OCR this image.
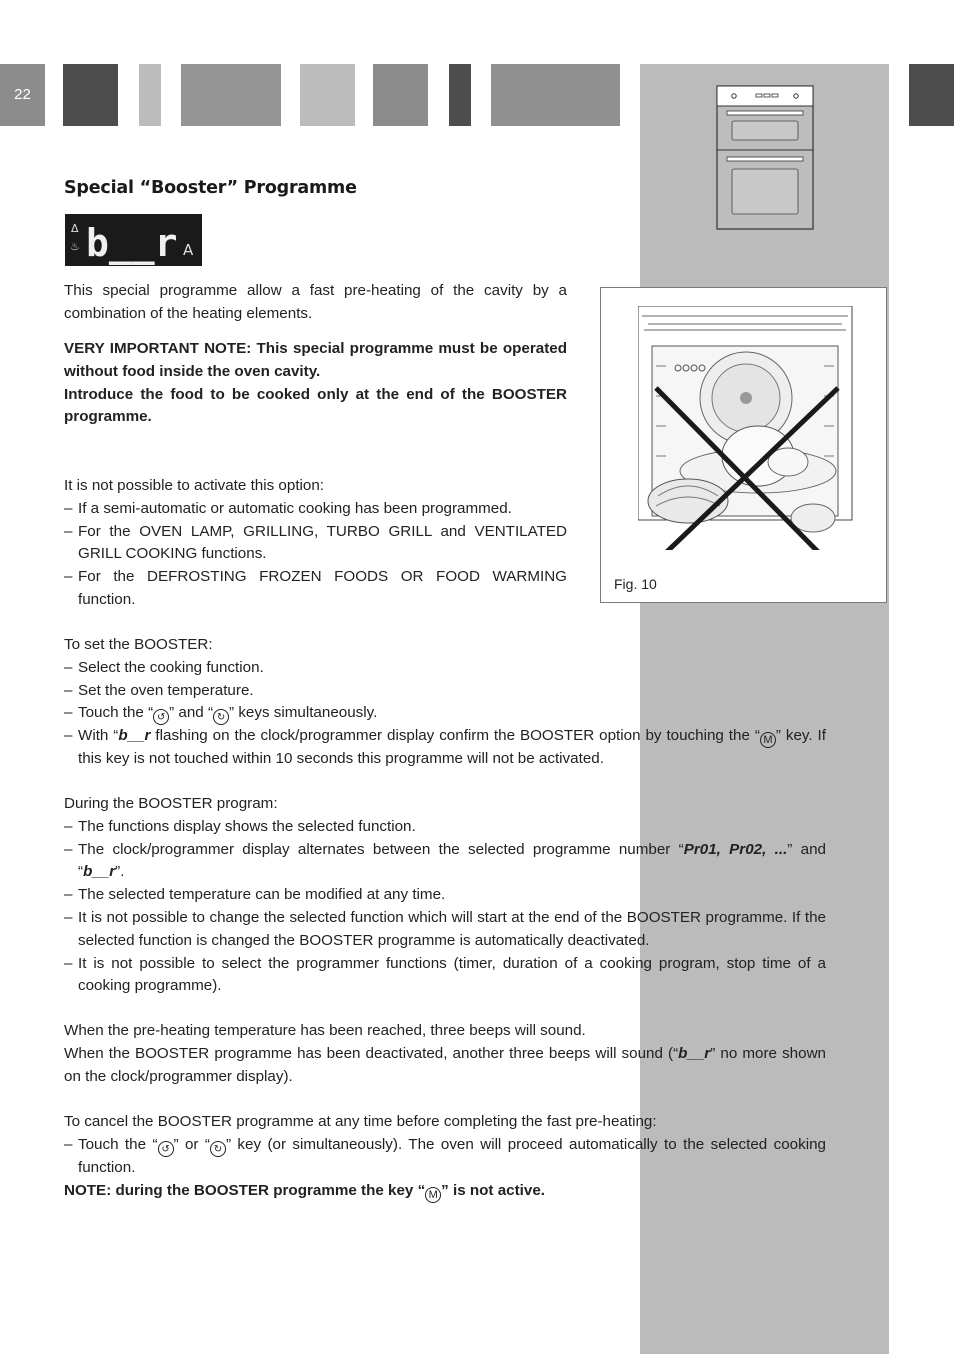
22
Special “Booster” Programme
Δ
♨ b__r A

This special programme allow a fast pre-heating of the cavity by a combination of the heating elements.

VERY IMPORTANT NOTE: This special programme must be operated without food inside the oven cavity.

Introduce the food to be cooked only at the end of the BOOSTER programme.

It is not possible to activate this option:

– If a semi-automatic or automatic cooking has been programmed.
– For the OVEN LAMP, GRILLING, TURBO GRILL and VENTILATED GRILL COOKING functions.
– For the DEFROSTING FROZEN FOODS OR FOOD WARMING function.
Fig. 10

To set the BOOSTER:

– Select the cooking function.
– Set the oven temperature.
– Touch the “ ↺ ” and “ ↻ ” keys simultaneously.
– With “b__r flashing on the clock/programmer display confirm the BOOSTER option by touching the “ M ” key. If this key is not touched within 10 seconds this programme will not be activated.

During the BOOSTER program:

– The functions display shows the selected function.
– The clock/programmer display alternates between the selected programme number “Pr01, Pr02, ...” and “b__r”.
– The selected temperature can be modified at any time.
– It is not possible to change the selected function which will start at the end of the BOOSTER programme. If the selected function is changed the BOOSTER programme is automatically deactivated.
– It is not possible to select the programmer functions (timer, duration of a cooking program, stop time of a cooking programme).

When the pre-heating temperature has been reached, three beeps will sound.

When the BOOSTER programme has been deactivated, another three beeps will sound (“b__r” no more shown on the clock/programmer display).

To cancel the BOOSTER programme at any time before completing the fast pre-heating:

– Touch the “ ↺ ” or “ ↻ ” key (or simultaneously). The oven will proceed automatically to the selected cooking function.

NOTE: during the BOOSTER programme the key “ M ” is not active.
